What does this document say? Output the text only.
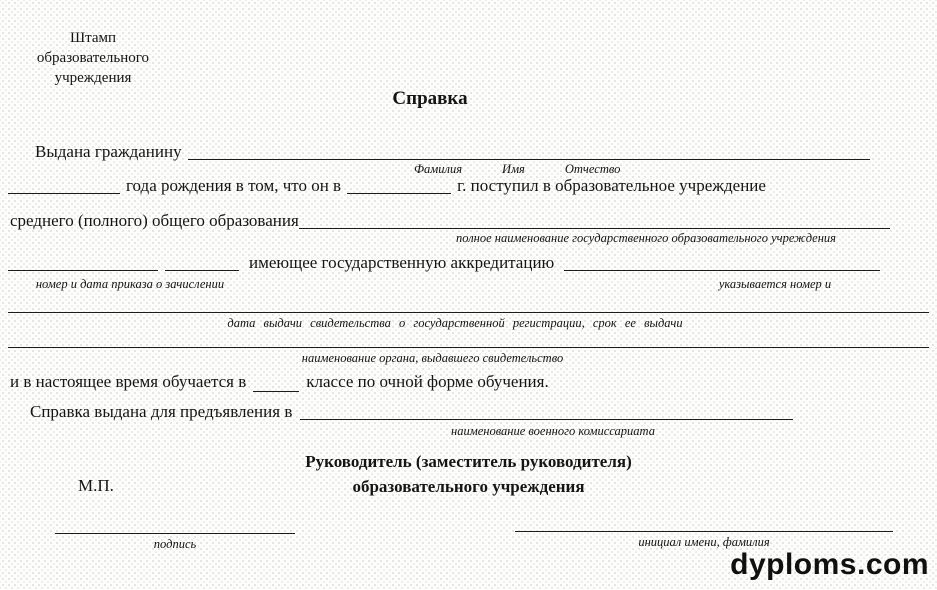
Штамп
образовательного
учреждения
Справка
Выдана гражданину
Фамилия	Имя	Отчество
года рождения в том, что он в	г. поступил в образовательное учреждение
среднего (полного) общего образования
полное наименование государственного образовательного учреждения
имеющее государственную аккредитацию
номер и дата приказа о зачислении	указывается номер и
дата выдачи свидетельства о государственной регистрации, срок ее выдачи
наименование органа, выдавшего свидетельство
и в настоящее время обучается в	классе по очной форме обучения.
Справка выдана для предъявления в
наименование военного комиссариата
Руководитель (заместитель руководителя)
образовательного учреждения
М.П.
подпись	инициал имени, фамилия
dyploms.com
